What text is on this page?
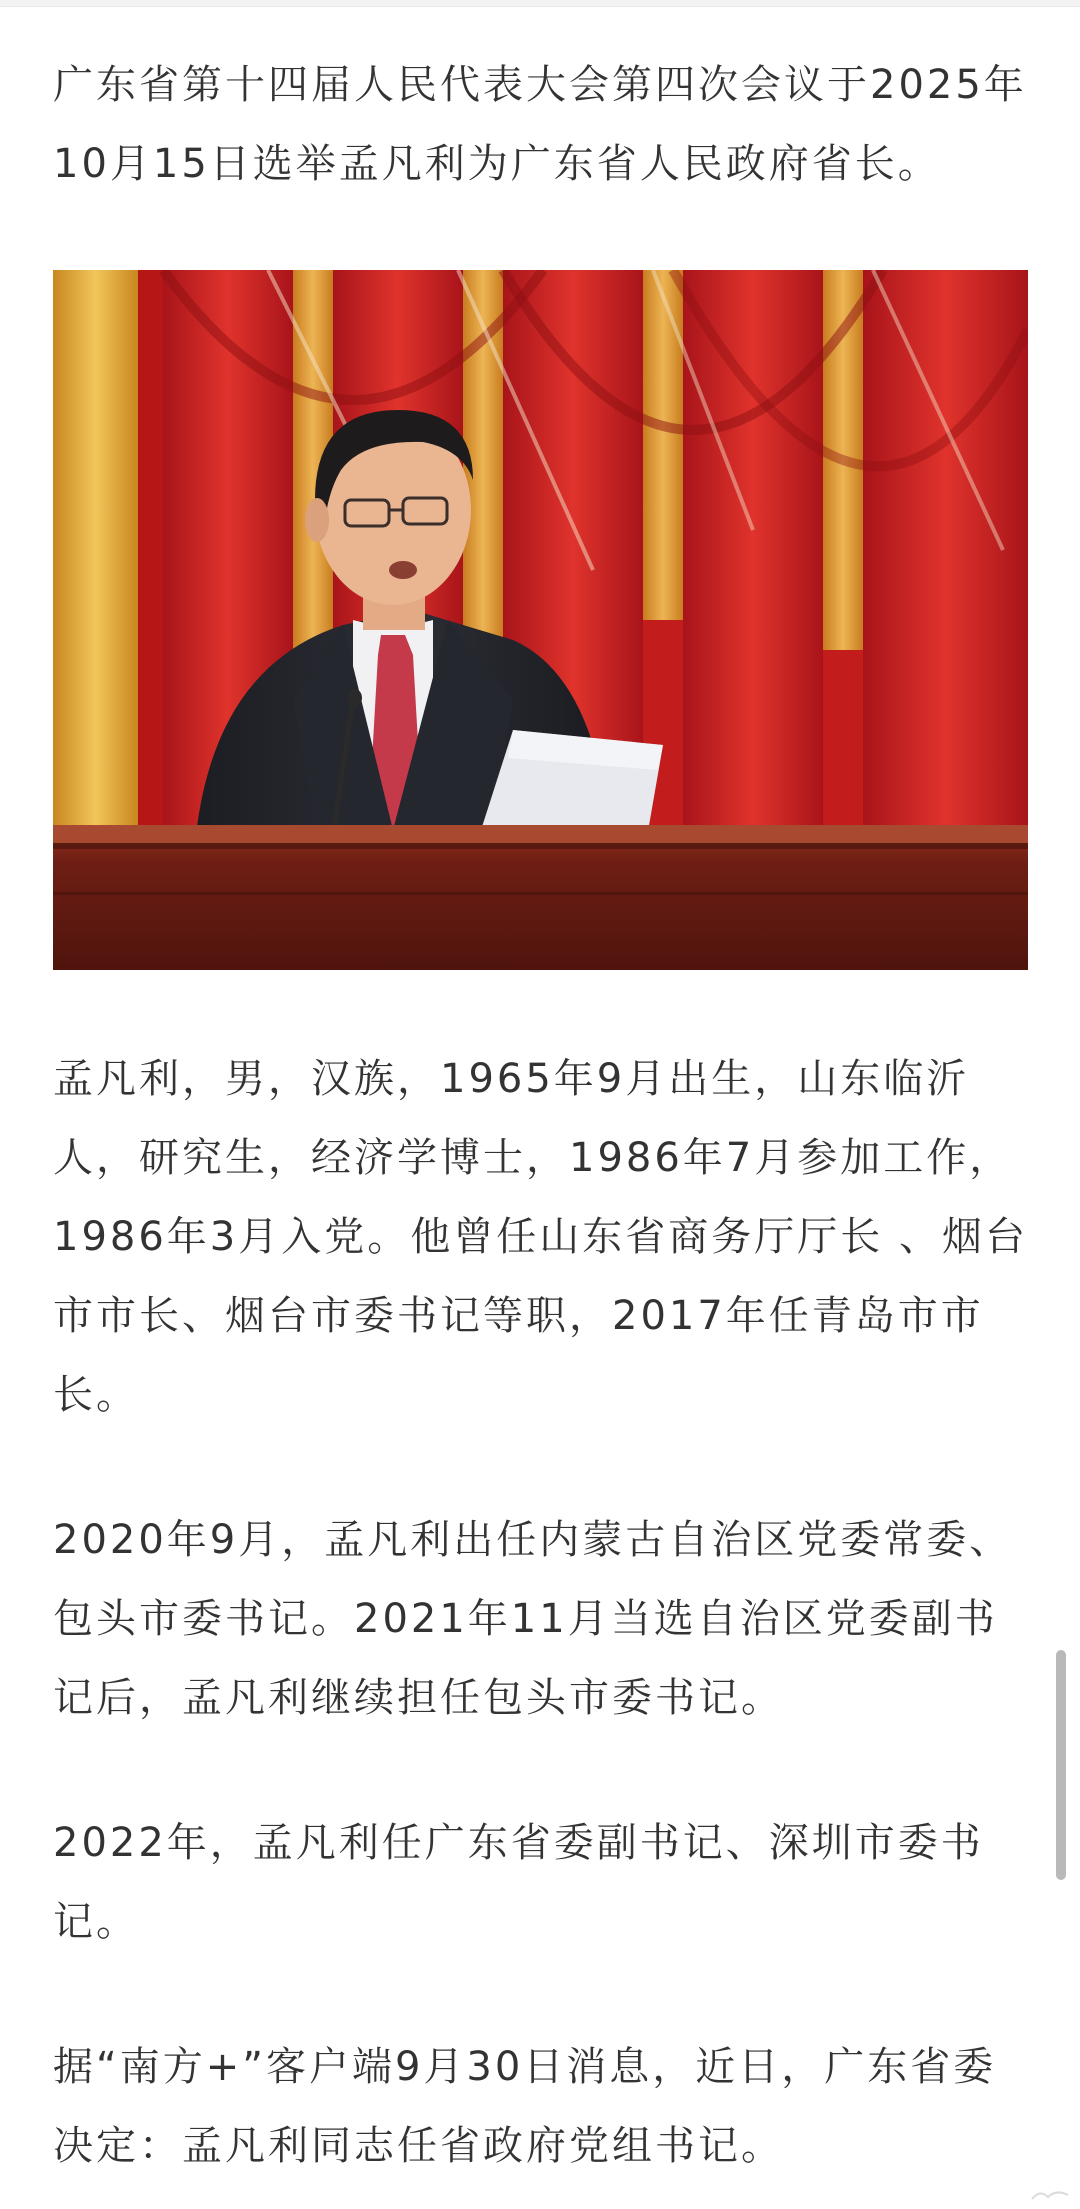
广东省第十四届人民代表大会第四次会议于2025年10月15日选举孟凡利为广东省人民政府省长。

孟凡利，男，汉族，1965年9月出生，山东临沂人，研究生，经济学博士，1986年7月参加工作，1986年3月入党。他曾任山东省商务厅厅长 、烟台市市长、烟台市委书记等职，2017年任青岛市市长。

2020年9月，孟凡利出任内蒙古自治区党委常委、包头市委书记。2021年11月当选自治区党委副书记后，孟凡利继续担任包头市委书记。

2022年，孟凡利任广东省委副书记、深圳市委书记。

据“南方+”客户端9月30日消息，近日，广东省委决定：孟凡利同志任省政府党组书记。
